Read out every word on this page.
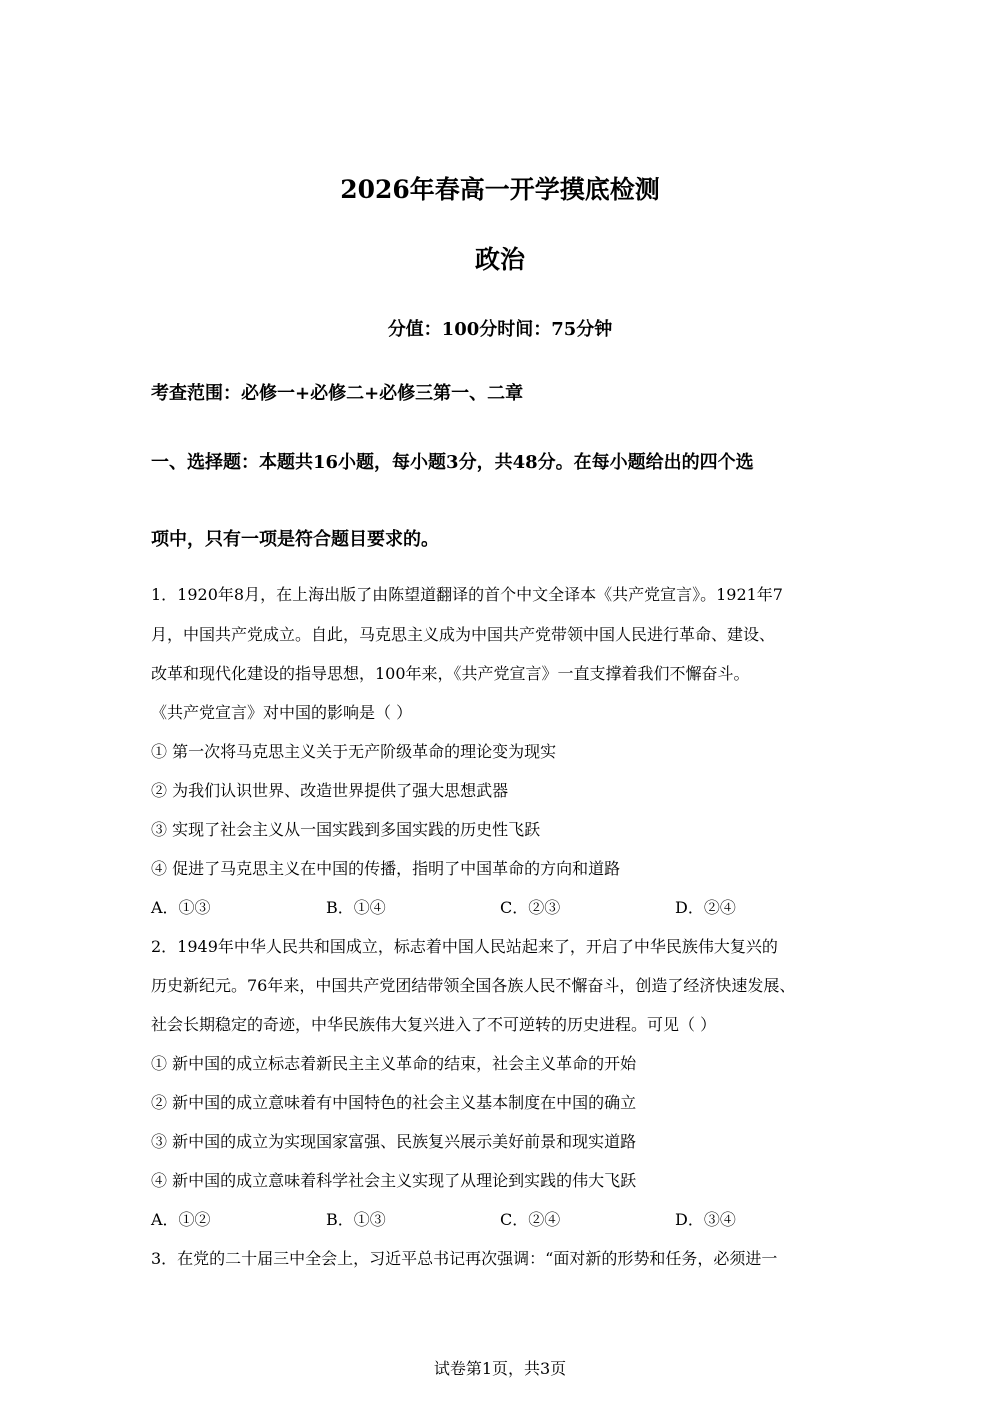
2026年春高一开学摸底检测
政治
分值：100分时间：75分钟
考查范围：必修一+必修二+必修三第一、二章
一、选择题：本题共16小题，每小题3分，共48分。在每小题给出的四个选
项中，只有一项是符合题目要求的。
1．1920年8月，在上海出版了由陈望道翻译的首个中文全译本《共产党宣言》。1921年7
月，中国共产党成立。自此，马克思主义成为中国共产党带领中国人民进行革命、建设、
改革和现代化建设的指导思想，100年来，《共产党宣言》一直支撑着我们不懈奋斗。
《共产党宣言》对中国的影响是（ ）
① 第一次将马克思主义关于无产阶级革命的理论变为现实
② 为我们认识世界、改造世界提供了强大思想武器
③ 实现了社会主义从一国实践到多国实践的历史性飞跃
④ 促进了马克思主义在中国的传播，指明了中国革命的方向和道路
A．①③	B．①④	C．②③	D．②④
2．1949年中华人民共和国成立，标志着中国人民站起来了，开启了中华民族伟大复兴的
历史新纪元。76年来，中国共产党团结带领全国各族人民不懈奋斗，创造了经济快速发展、
社会长期稳定的奇迹，中华民族伟大复兴进入了不可逆转的历史进程。可见（ ）
① 新中国的成立标志着新民主主义革命的结束，社会主义革命的开始
② 新中国的成立意味着有中国特色的社会主义基本制度在中国的确立
③ 新中国的成立为实现国家富强、民族复兴展示美好前景和现实道路
④ 新中国的成立意味着科学社会主义实现了从理论到实践的伟大飞跃
A．①②	B．①③	C．②④	D．③④
3．在党的二十届三中全会上，习近平总书记再次强调：“面对新的形势和任务，必须进一
试卷第1页，共3页
